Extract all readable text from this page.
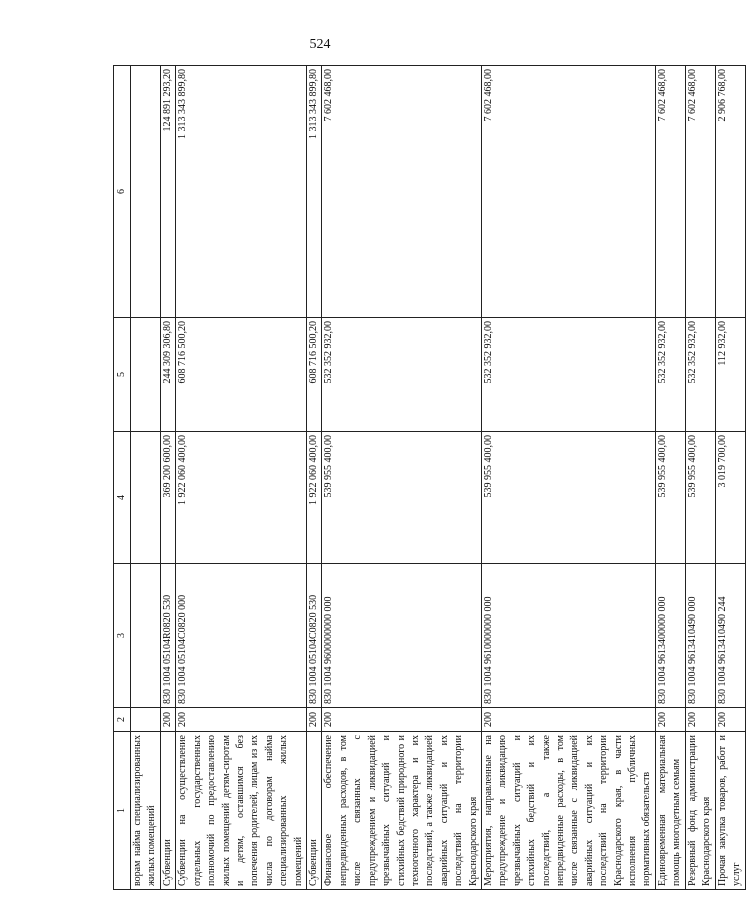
524
1	2	3	4	5	6
ворам найма специализированных жилых помещений					
Субвенции	200	830 1004 05104R0820 530	369 200 600,00	244 309 306,80	124 891 293,20
Субвенции на осуществление отдельных государственных полномочий по предоставлению жилых помещений детям-сиротам и детям, оставшимся без попечения родителей, лицам из их числа по договорам найма специализированных жилых помещений	200	830 1004 05104C0820 000	1 922 060 400,00	608 716 500,20	1 313 343 899,80
Субвенции	200	830 1004 05104C0820 530	1 922 060 400,00	608 716 500,20	1 313 343 899,80
Финансовое обеспечение непредвиденных расходов, в том числе связанных с предупреждением и ликвидацией чрезвычайных ситуаций и стихийных бедствий природного и техногенного характера и их последствий, а также ликвидацией аварийных ситуаций и их последствий на территории Краснодарского края	200	830 1004 9600000000 000	539 955 400,00	532 352 932,00	7 602 468,00
Мероприятия, направленные на предупреждение и ликвидацию чрезвычайных ситуаций и стихийных бедствий и их последствий, а также непредвиденные расходы, в том числе связанные с ликвидацией аварийных ситуаций и их последствий на территории Краснодарского края, в части исполнения публичных нормативных обязательств	200	830 1004 9610000000 000	539 955 400,00	532 352 932,00	7 602 468,00
Единовременная материальная помощь многодетным семьям	200	830 1004 9613400000 000	539 955 400,00	532 352 932,00	7 602 468,00
Резервный фонд администрации Краснодарского края	200	830 1004 9613410490 000	539 955 400,00	532 352 932,00	7 602 468,00
Прочая закупка товаров, работ и услуг	200	830 1004 9613410490 244	3 019 700,00	112 932,00	2 906 768,00
